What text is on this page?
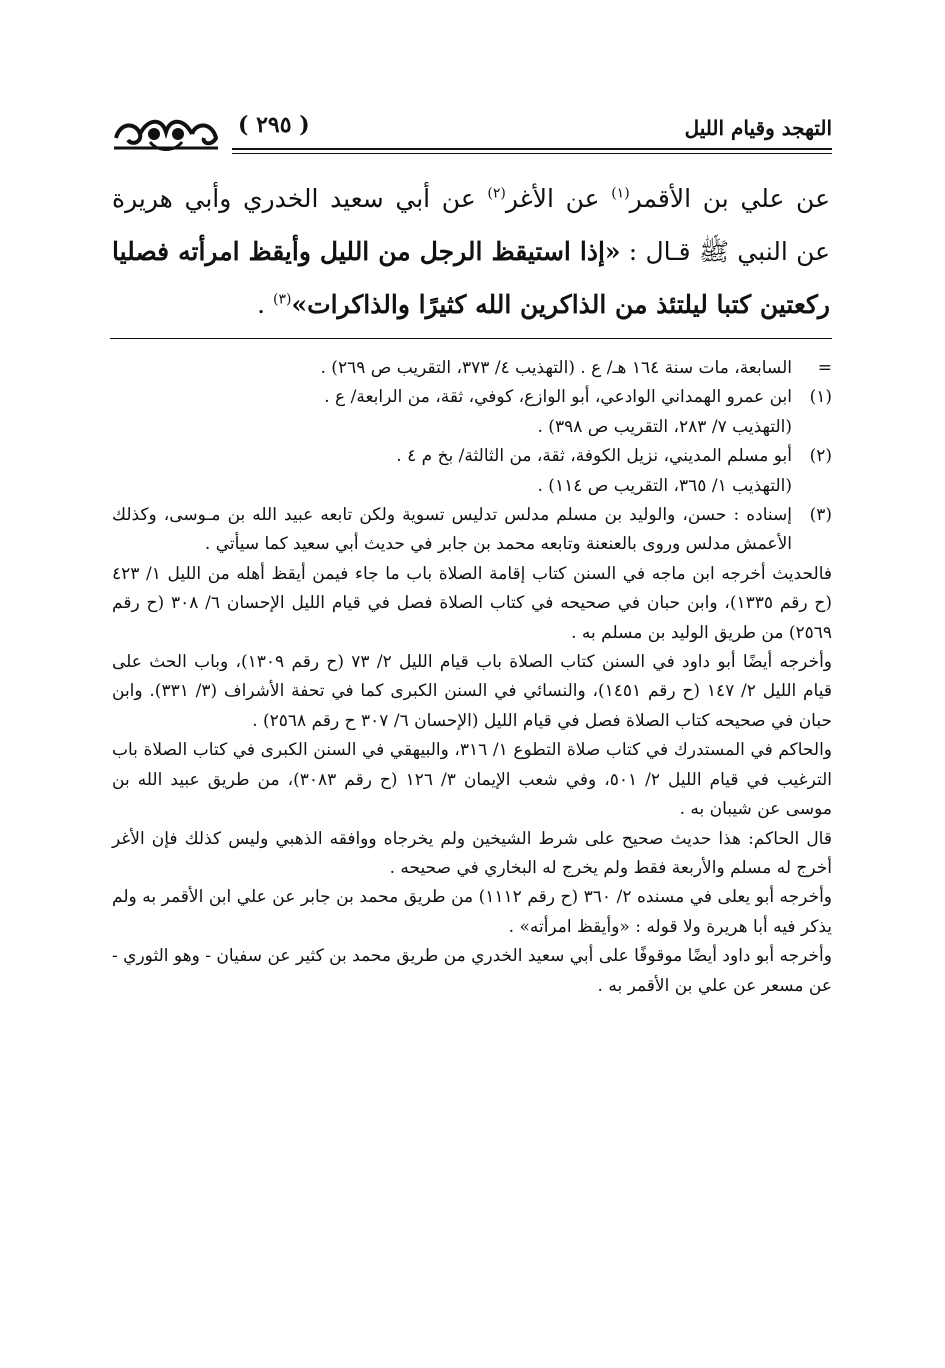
( ٢٩٥ )	التهجد وقيام الليل

عن علي بن الأقمر$^{(١)}$ عن الأغر$^{(٢)}$ عن أبي سعيد الخدري وأبي هريرة عن النبي ﷺ قـال : «إذا استيقظ الرجل من الليل وأيقظ امرأته فصليا ركعتين كتبا ليلتئذ من الذاكرين الله كثيرًا والذاكرات»$^{(٣)}$ .

=
السابعة، مات سنة ١٦٤ هـ/ ع . (التهذيب ٤/ ٣٧٣، التقريب ص ٢٦٩) .
(١)
ابن عمرو الهمداني الوادعي، أبو الوازع، كوفي، ثقة، من الرابعة/ ع .
(التهذيب ٧/ ٢٨٣، التقريب ص ٣٩٨) .
(٢)
أبو مسلم المديني، نزيل الكوفة، ثقة، من الثالثة/ بخ م ٤ .
(التهذيب ١/ ٣٦٥، التقريب ص ١١٤) .
(٣)
إسناده : حسن، والوليد بن مسلم مدلس تدليس تسوية ولكن تابعه عبيد الله بن مـوسى، وكذلك الأعمش مدلس وروى بالعنعنة وتابعه محمد بن جابر في حديث أبي سعيد كما سيأتي .
فالحديث أخرجه ابن ماجه في السنن كتاب إقامة الصلاة باب ما جاء فيمن أيقظ أهله من الليل ١/ ٤٢٣ (ح رقم ١٣٣٥)، وابن حبان في صحيحه في كتاب الصلاة فصل في قيام الليل الإحسان ٦/ ٣٠٨ (ح رقم ٢٥٦٩) من طريق الوليد بن مسلم به .
وأخرجه أيضًا أبو داود في السنن كتاب الصلاة باب قيام الليل ٢/ ٧٣ (ح رقم ١٣٠٩)، وباب الحث على قيام الليل ٢/ ١٤٧ (ح رقم ١٤٥١)، والنسائي في السنن الكبرى كما في تحفة الأشراف (٣/ ٣٣١). وابن حبان في صحيحه كتاب الصلاة فصل في قيام الليل (الإحسان ٦/ ٣٠٧ ح رقم ٢٥٦٨) .
والحاكم في المستدرك في كتاب صلاة التطوع ١/ ٣١٦، والبيهقي في السنن الكبرى في كتاب الصلاة باب الترغيب في قيام الليل ٢/ ٥٠١، وفي شعب الإيمان ٣/ ١٢٦ (ح رقم ٣٠٨٣)، من طريق عبيد الله بن موسى عن شيبان به .
قال الحاكم: هذا حديث صحيح على شرط الشيخين ولم يخرجاه ووافقه الذهبي وليس كذلك فإن الأغر أخرج له مسلم والأربعة فقط ولم يخرج له البخاري في صحيحه .
وأخرجه أبو يعلى في مسنده ٢/ ٣٦٠ (ح رقم ١١١٢) من طريق محمد بن جابر عن علي ابن الأقمر به ولم يذكر فيه أبا هريرة ولا قوله : «وأيقظ امرأته» .
وأخرجه أبو داود أيضًا موقوفًا على أبي سعيد الخدري من طريق محمد بن كثير عن سفيان - وهو الثوري - عن مسعر عن علي بن الأقمر به .
